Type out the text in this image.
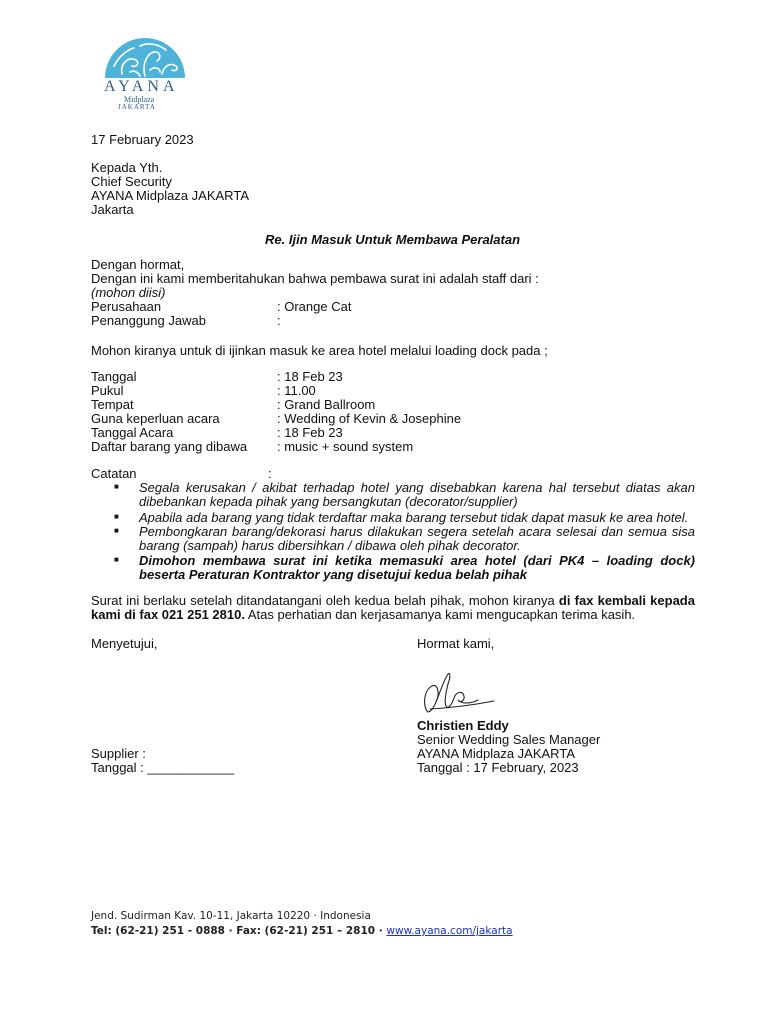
AYANA
Midplaza
JAKARTA
17 February 2023
Kepada Yth.
Chief Security
AYANA Midplaza JAKARTA
Jakarta
Re. Ijin Masuk Untuk Membawa Peralatan
Dengan hormat,
Dengan ini kami memberitahukan bahwa pembawa surat ini adalah staff dari :
(mohon diisi)
Perusahaan	: Orange Cat
Penanggung Jawab	:
Mohon kiranya untuk di ijinkan masuk ke area hotel melalui loading dock pada ;
Tanggal	: 18 Feb 23
Pukul	: 11.00
Tempat	: Grand Ballroom
Guna keperluan acara	: Wedding of Kevin & Josephine
Tanggal Acara	: 18 Feb 23
Daftar barang yang dibawa : music + sound system
Catatan	:
■ Segala kerusakan / akibat terhadap hotel yang disebabkan karena hal tersebut diatas akan dibebankan kepada pihak yang bersangkutan (decorator/supplier)
■ Apabila ada barang yang tidak terdaftar maka barang tersebut tidak dapat masuk ke area hotel.
■ Pembongkaran barang/dekorasi harus dilakukan segera setelah acara selesai dan semua sisa barang (sampah) harus dibersihkan / dibawa oleh pihak decorator.
■ Dimohon membawa surat ini ketika memasuki area hotel (dari PK4 – loading dock) beserta Peraturan Kontraktor yang disetujui kedua belah pihak
Surat ini berlaku setelah ditandatangani oleh kedua belah pihak, mohon kiranya di fax kembali kepada kami di fax 021 251 2810. Atas perhatian dan kerjasamanya kami mengucapkan terima kasih.
Menyetujui,
Supplier :
Tanggal : ____________
Hormat kami,
Christien Eddy
Senior Wedding Sales Manager
AYANA Midplaza JAKARTA
Tanggal : 17 February, 2023
Jend. Sudirman Kav. 10-11, Jakarta 10220 · Indonesia
Tel: (62-21) 251 - 0888 · Fax: (62-21) 251 – 2810 · www.ayana.com/jakarta
